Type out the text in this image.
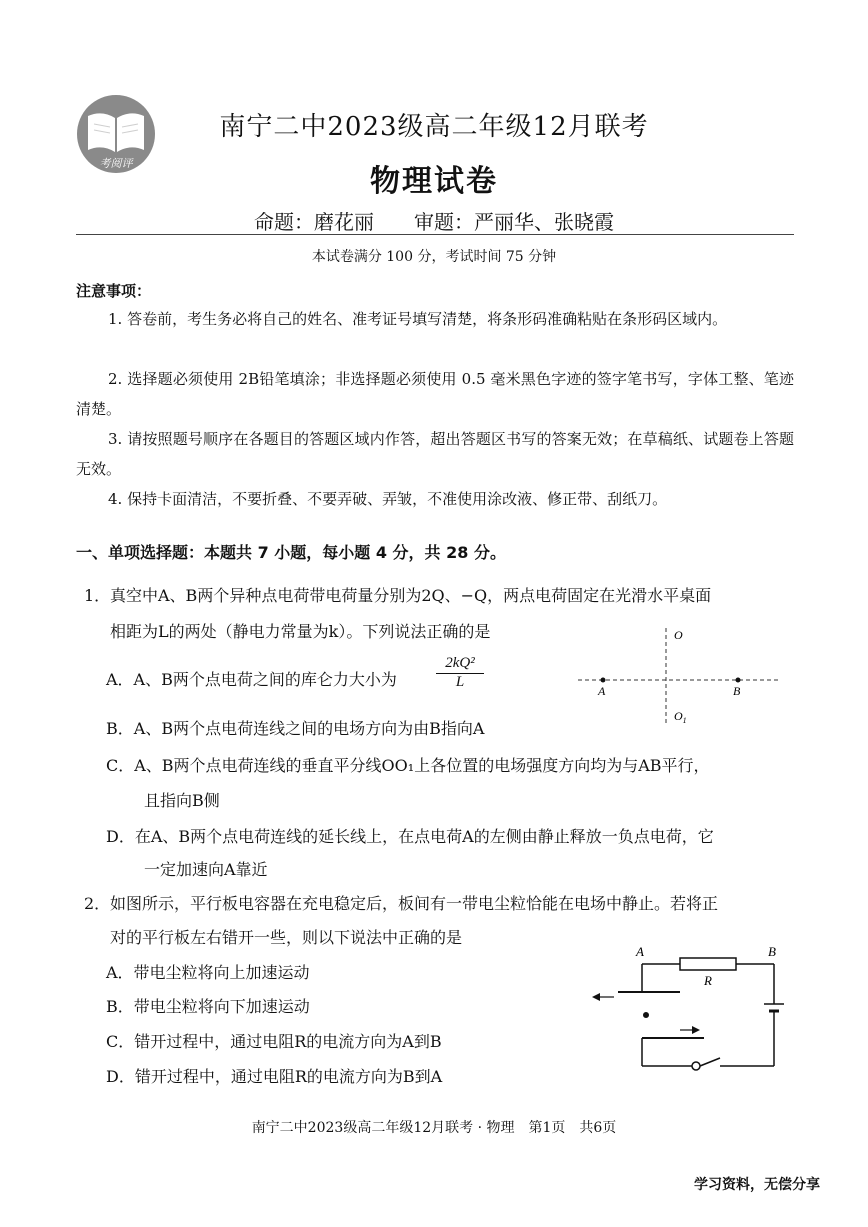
考阅评
南宁二中2023级高二年级12月联考
物理试卷
命题：磨花丽　　审题：严丽华、张晓霞
本试卷满分 100 分，考试时间 75 分钟
注意事项：
1. 答卷前，考生务必将自己的姓名、准考证号填写清楚，将条形码准确粘贴在条形码区域内。
2. 选择题必须使用 2B铅笔填涂；非选择题必须使用 0.5 毫米黑色字迹的签字笔书写，字体工整、笔迹清楚。
3. 请按照题号顺序在各题目的答题区域内作答，超出答题区书写的答案无效；在草稿纸、试题卷上答题无效。
4. 保持卡面清洁，不要折叠、不要弄破、弄皱，不准使用涂改液、修正带、刮纸刀。
一、单项选择题：本题共 7 小题，每小题 4 分，共 28 分。
1． 真空中A、B两个异种点电荷带电荷量分别为2Q、−Q，两点电荷固定在光滑水平桌面
相距为L的两处（静电力常量为k）。下列说法正确的是
A．A、B两个点电荷之间的库仑力大小为	$\frac{\text{2kQ²}}{L}$
B．A、B两个点电荷连线之间的电场方向为由B指向A
C．A、B两个点电荷连线的垂直平分线OO₁上各位置的电场强度方向均为与AB平行，
且指向B侧
D．在A、B两个点电荷连线的延长线上，在点电荷A的左侧由静止释放一负点电荷，它
一定加速向A靠近
O
A	B
$O_1$
2． 如图所示，平行板电容器在充电稳定后，板间有一带电尘粒恰能在电场中静止。若将正
对的平行板左右错开一些，则以下说法中正确的是
A．带电尘粒将向上加速运动
B．带电尘粒将向下加速运动
C．错开过程中，通过电阻R的电流方向为A到B
D．错开过程中，通过电阻R的电流方向为B到A
A	B
R
南宁二中2023级高二年级12月联考 · 物理　第1页　共6页
学习资料，无偿分享
